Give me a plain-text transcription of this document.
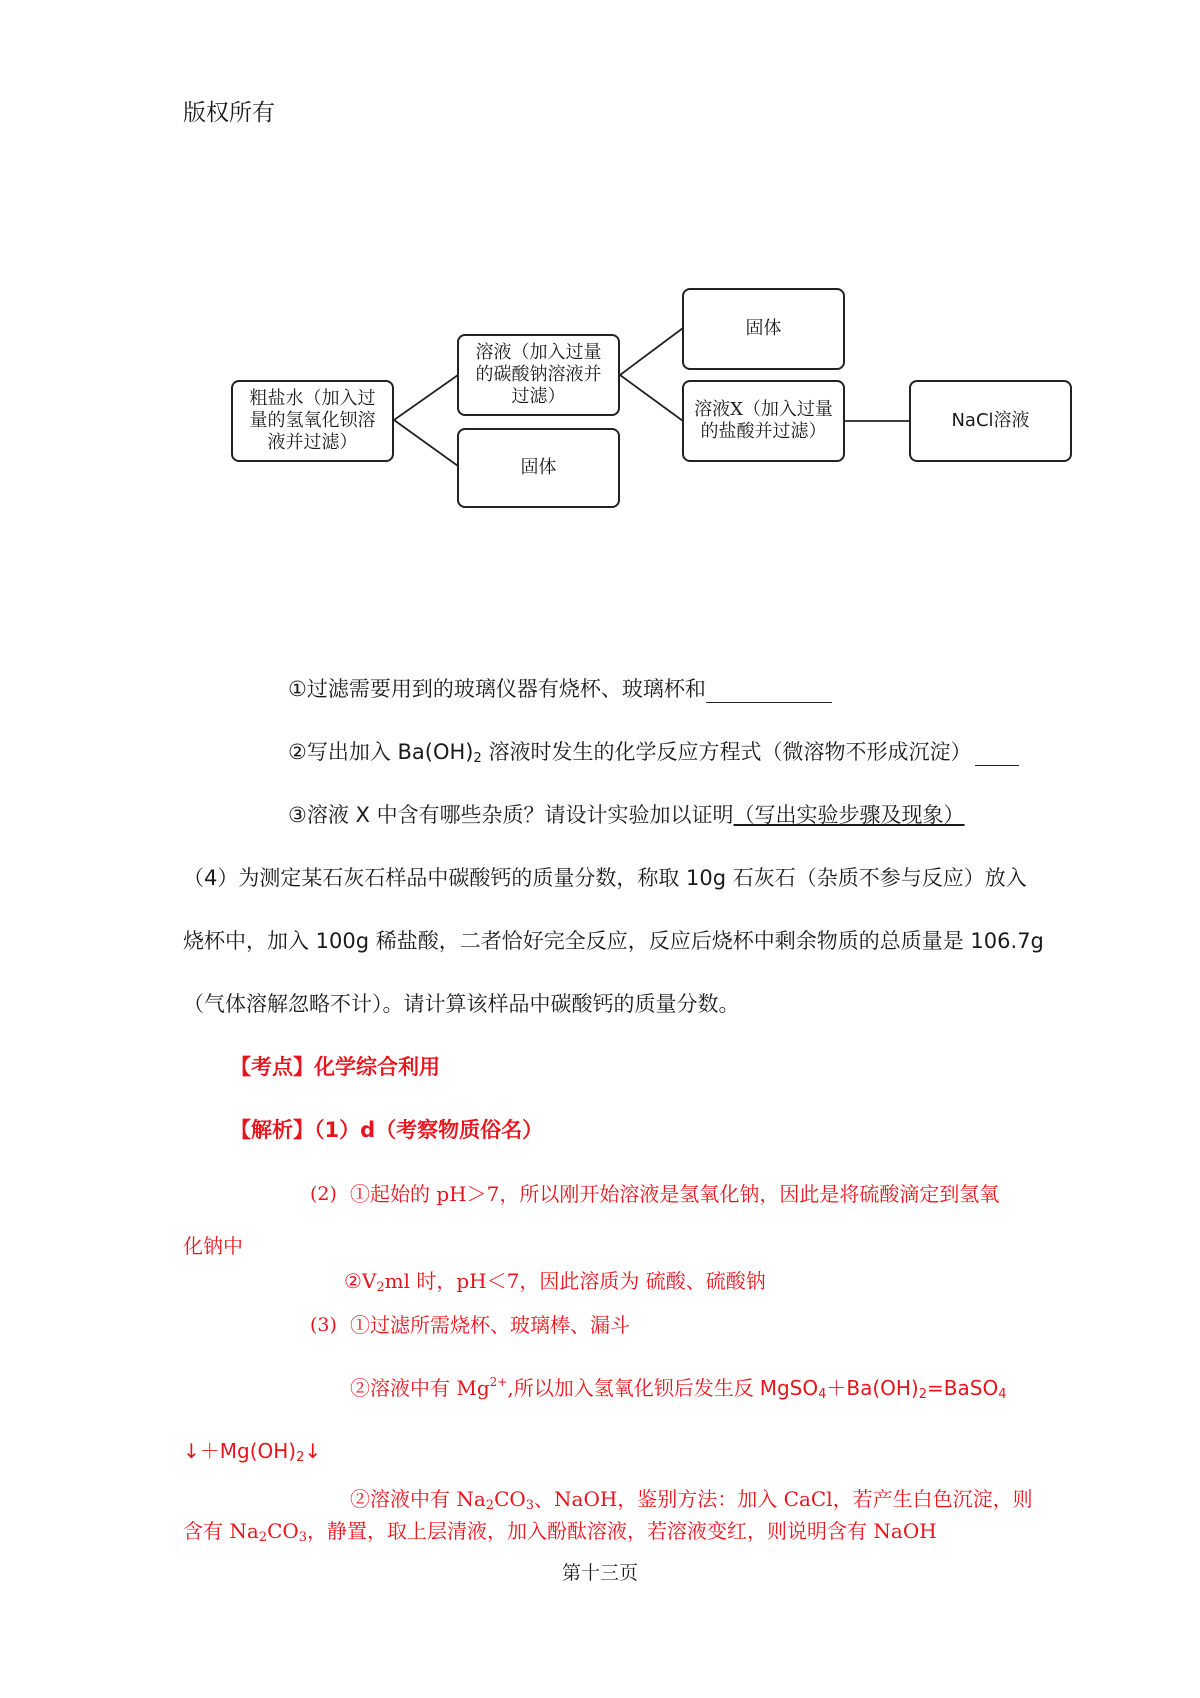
版权所有
粗盐水（加入过量的氢氧化钡溶液并过滤）
溶液（加入过量的碳酸钠溶液并过滤）
固体
固体
溶液X（加入过量的盐酸并过滤）
NaCl溶液
①过滤需要用到的玻璃仪器有烧杯、玻璃杯和
②写出加入 $Ba(OH)_2$ 溶液时发生的化学反应方程式（微溶物不形成沉淀）
③溶液 X 中含有哪些杂质？请设计实验加以证明（写出实验步骤及现象）
（4）为测定某石灰石样品中碳酸钙的质量分数，称取 10g 石灰石（杂质不参与反应）放入
烧杯中，加入 100g 稀盐酸，二者恰好完全反应，反应后烧杯中剩余物质的总质量是 106.7g
（气体溶解忽略不计）。请计算该样品中碳酸钙的质量分数。
【考点】化学综合利用
【解析】（1）d（考察物质俗名）
(2) ①起始的 pH＞7，所以刚开始溶液是氢氧化钠，因此是将硫酸滴定到氢氧
化钠中
$②V_2ml$ 时，pH＜7，因此溶质为 硫酸、硫酸钠
(3) ①过滤所需烧杯、玻璃棒、漏斗
②溶液中有 $Mg^{2+}$,所以加入氢氧化钡后发生反 $MgSO_4+Ba(OH)_2=BaSO_4$
$↓+Mg(OH)_2↓$
②溶液中有 $Na_2CO_3$、NaOH，鉴别方法：加入 CaCl，若产生白色沉淀，则
含有 $Na_2CO_3$，静置，取上层清液，加入酚酞溶液，若溶液变红，则说明含有 NaOH
第十三页
